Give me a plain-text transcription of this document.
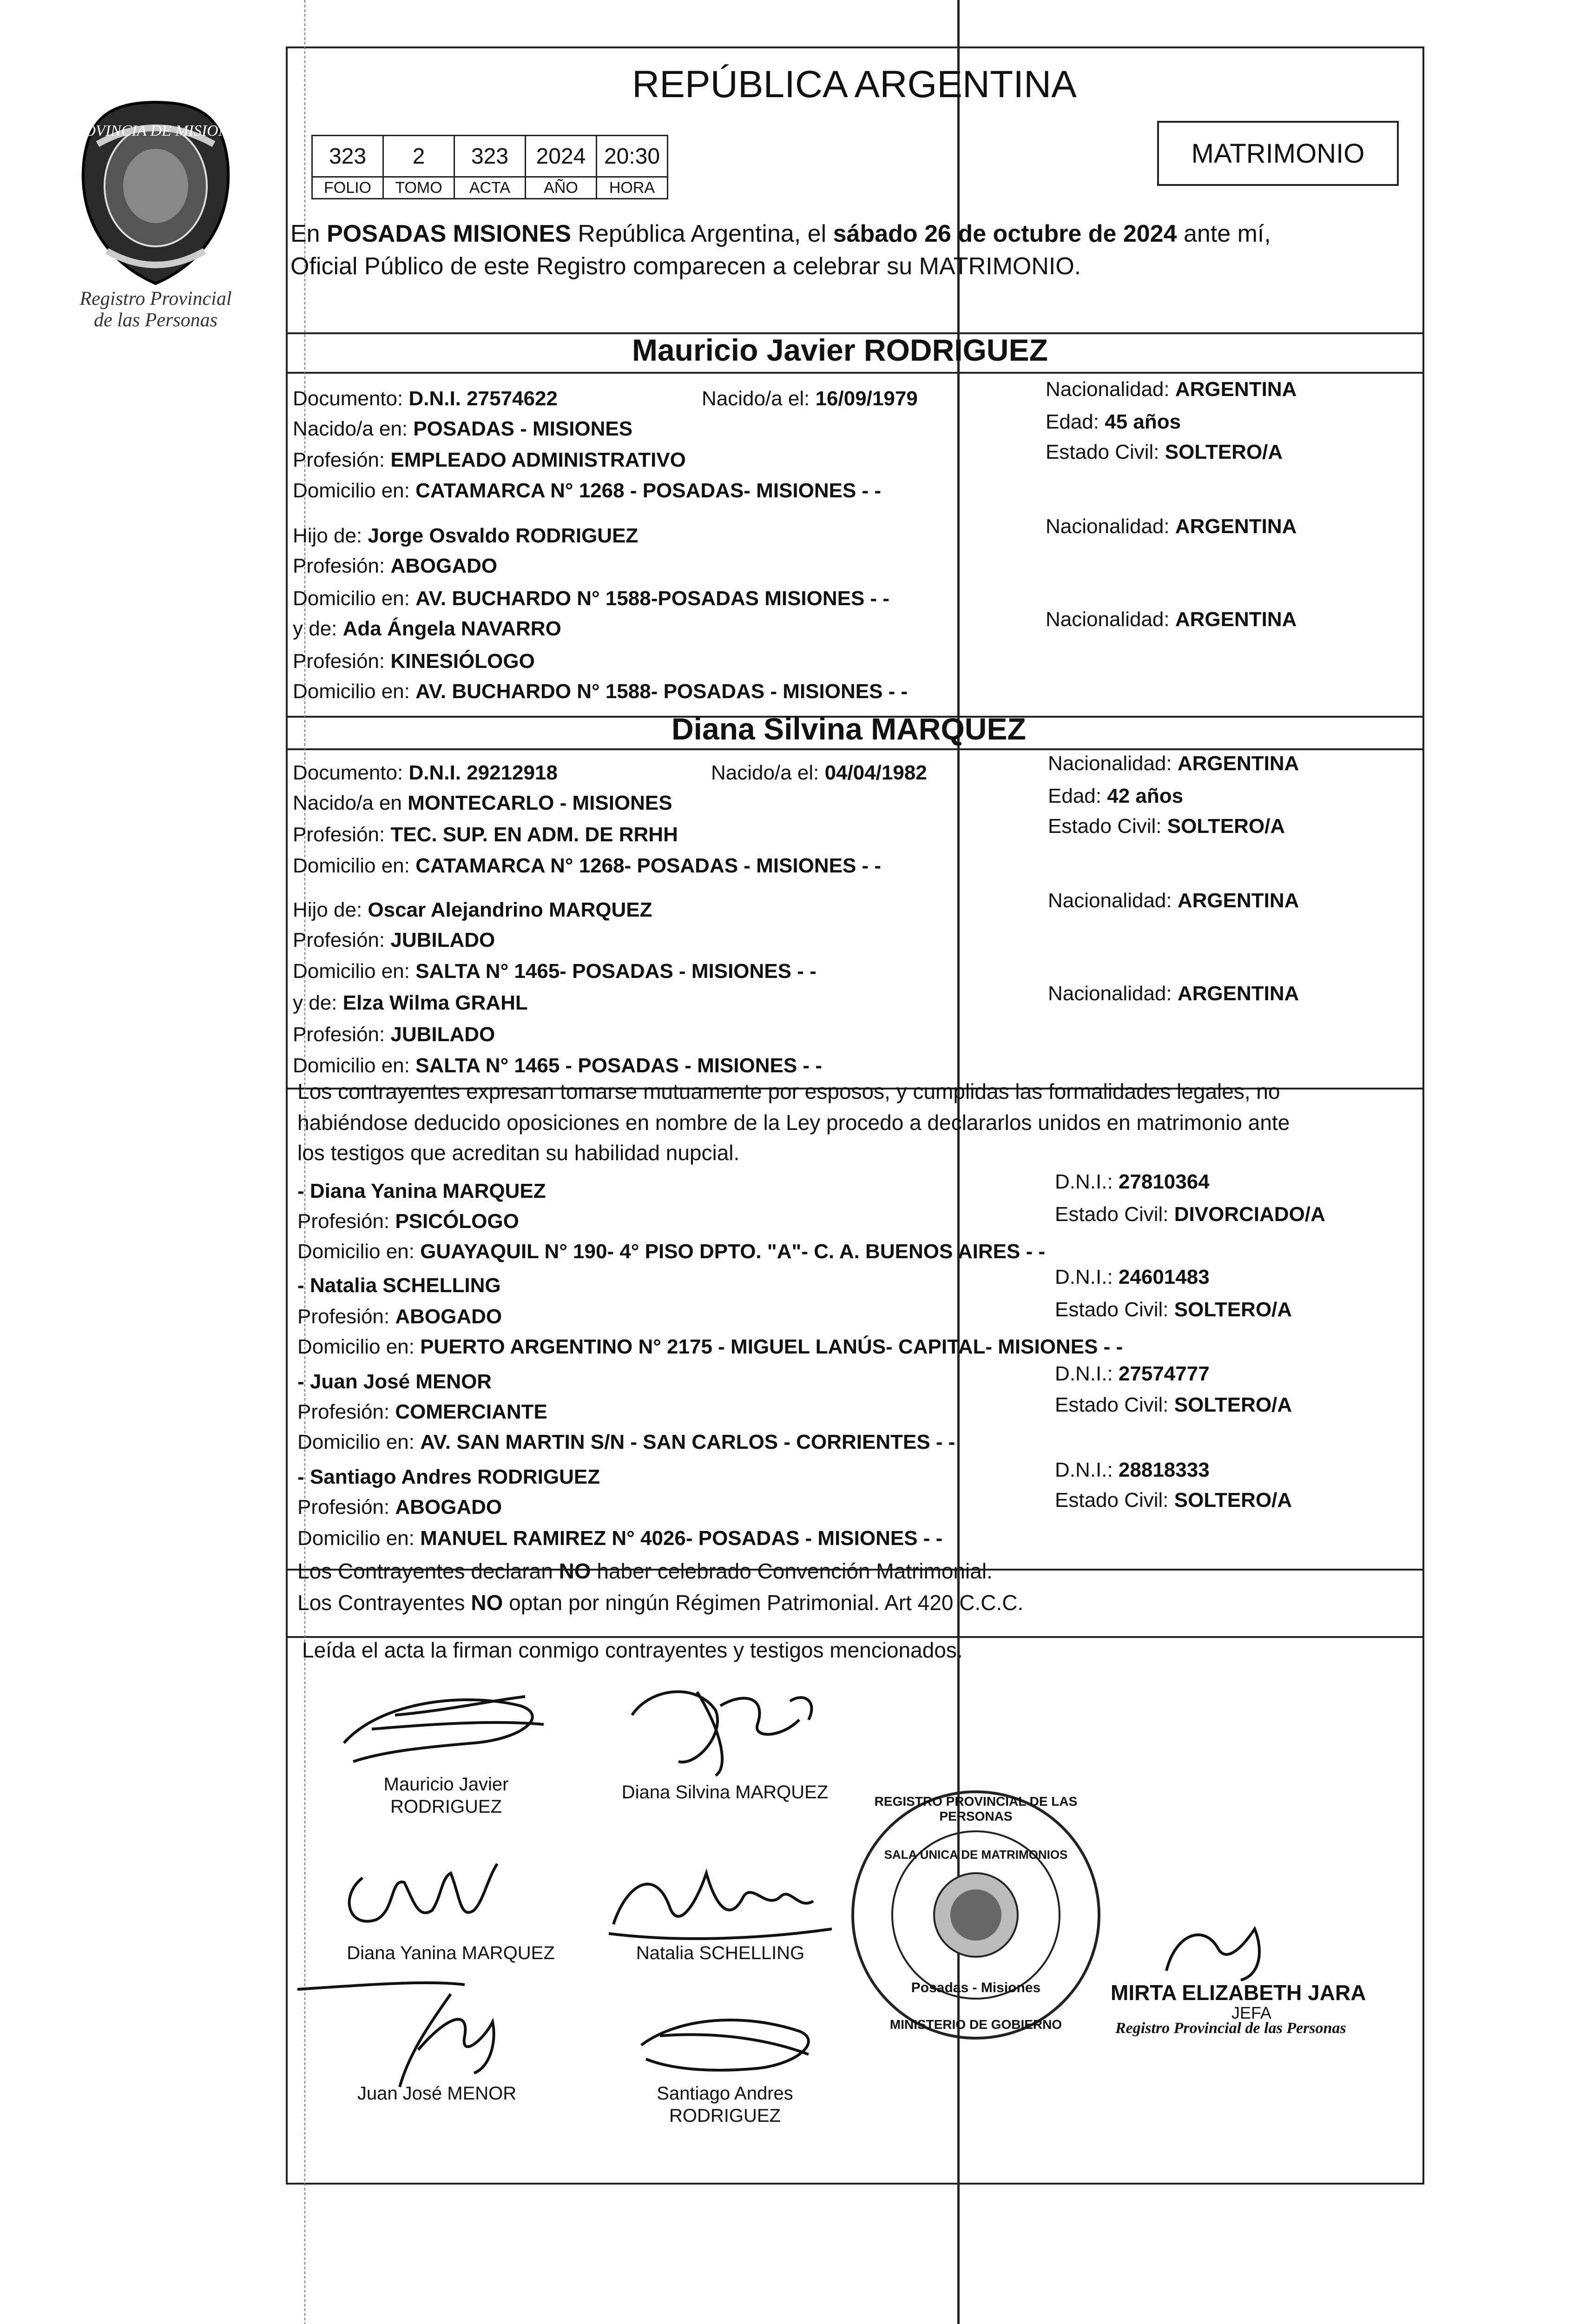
PROVINCIA DE MISIONES
Registro Provincial
de las Personas
REPÚBLICA ARGENTINA
323	2	323	2024	20:30
FOLIO	TOMO	ACTA	AÑO	HORA
MATRIMONIO
En POSADAS MISIONES República Argentina, el sábado 26 de octubre de 2024 ante mí,
Oficial Público de este Registro comparecen a celebrar su MATRIMONIO.
Mauricio Javier RODRIGUEZ
Documento: D.N.I. 27574622	Nacido/a el: 16/09/1979	Nacionalidad: ARGENTINA
Nacido/a en: POSADAS - MISIONES	Edad: 45 años
Profesión: EMPLEADO ADMINISTRATIVO	Estado Civil: SOLTERO/A
Domicilio en: CATAMARCA N° 1268 - POSADAS- MISIONES - -
Hijo de: Jorge Osvaldo RODRIGUEZ	Nacionalidad: ARGENTINA
Profesión: ABOGADO
Domicilio en: AV. BUCHARDO N° 1588-POSADAS MISIONES - -
y de: Ada Ángela NAVARRO	Nacionalidad: ARGENTINA
Profesión: KINESIÓLOGO
Domicilio en: AV. BUCHARDO N° 1588- POSADAS - MISIONES - -
Diana Silvina MARQUEZ
Documento: D.N.I. 29212918	Nacido/a el: 04/04/1982	Nacionalidad: ARGENTINA
Nacido/a en MONTECARLO - MISIONES	Edad: 42 años
Profesión: TEC. SUP. EN ADM. DE RRHH	Estado Civil: SOLTERO/A
Domicilio en: CATAMARCA N° 1268- POSADAS - MISIONES - -
Hijo de: Oscar Alejandrino MARQUEZ	Nacionalidad: ARGENTINA
Profesión: JUBILADO
Domicilio en: SALTA N° 1465- POSADAS - MISIONES - -
y de: Elza Wilma GRAHL	Nacionalidad: ARGENTINA
Profesión: JUBILADO
Domicilio en: SALTA N° 1465 - POSADAS - MISIONES - -
Los contrayentes expresan tomarse mutuamente por esposos, y cumplidas las formalidades legales, no
habiéndose deducido oposiciones en nombre de la Ley procedo a declararlos unidos en matrimonio ante
los testigos que acreditan su habilidad nupcial.
- Diana Yanina MARQUEZ	D.N.I.: 27810364
Profesión: PSICÓLOGO	Estado Civil: DIVORCIADO/A
Domicilio en: GUAYAQUIL N° 190- 4° PISO DPTO. "A"- C. A. BUENOS AIRES - -
- Natalia SCHELLING	D.N.I.: 24601483
Profesión: ABOGADO	Estado Civil: SOLTERO/A
Domicilio en: PUERTO ARGENTINO N° 2175 - MIGUEL LANÚS- CAPITAL- MISIONES - -
- Juan José MENOR	D.N.I.: 27574777
Profesión: COMERCIANTE	Estado Civil: SOLTERO/A
Domicilio en: AV. SAN MARTIN S/N - SAN CARLOS - CORRIENTES - -
- Santiago Andres RODRIGUEZ	D.N.I.: 28818333
Profesión: ABOGADO	Estado Civil: SOLTERO/A
Domicilio en: MANUEL RAMIREZ N° 4026- POSADAS - MISIONES - -
Los Contrayentes declaran NO haber celebrado Convención Matrimonial.
Los Contrayentes NO optan por ningún Régimen Patrimonial. Art 420 C.C.C.
Leída el acta la firman conmigo contrayentes y testigos mencionados.
Mauricio Javier
RODRIGUEZ
Diana Silvina MARQUEZ
Diana Yanina MARQUEZ	Natalia SCHELLING
Juan José MENOR	Santiago Andres
RODRIGUEZ
REGISTRO PROVINCIAL DE LAS PERSONAS
SALA ÚNICA DE MATRIMONIOS
Posadas - Misiones
MINISTERIO DE GOBIERNO
MIRTA ELIZABETH JARA
JEFA
Registro Provincial de las Personas
